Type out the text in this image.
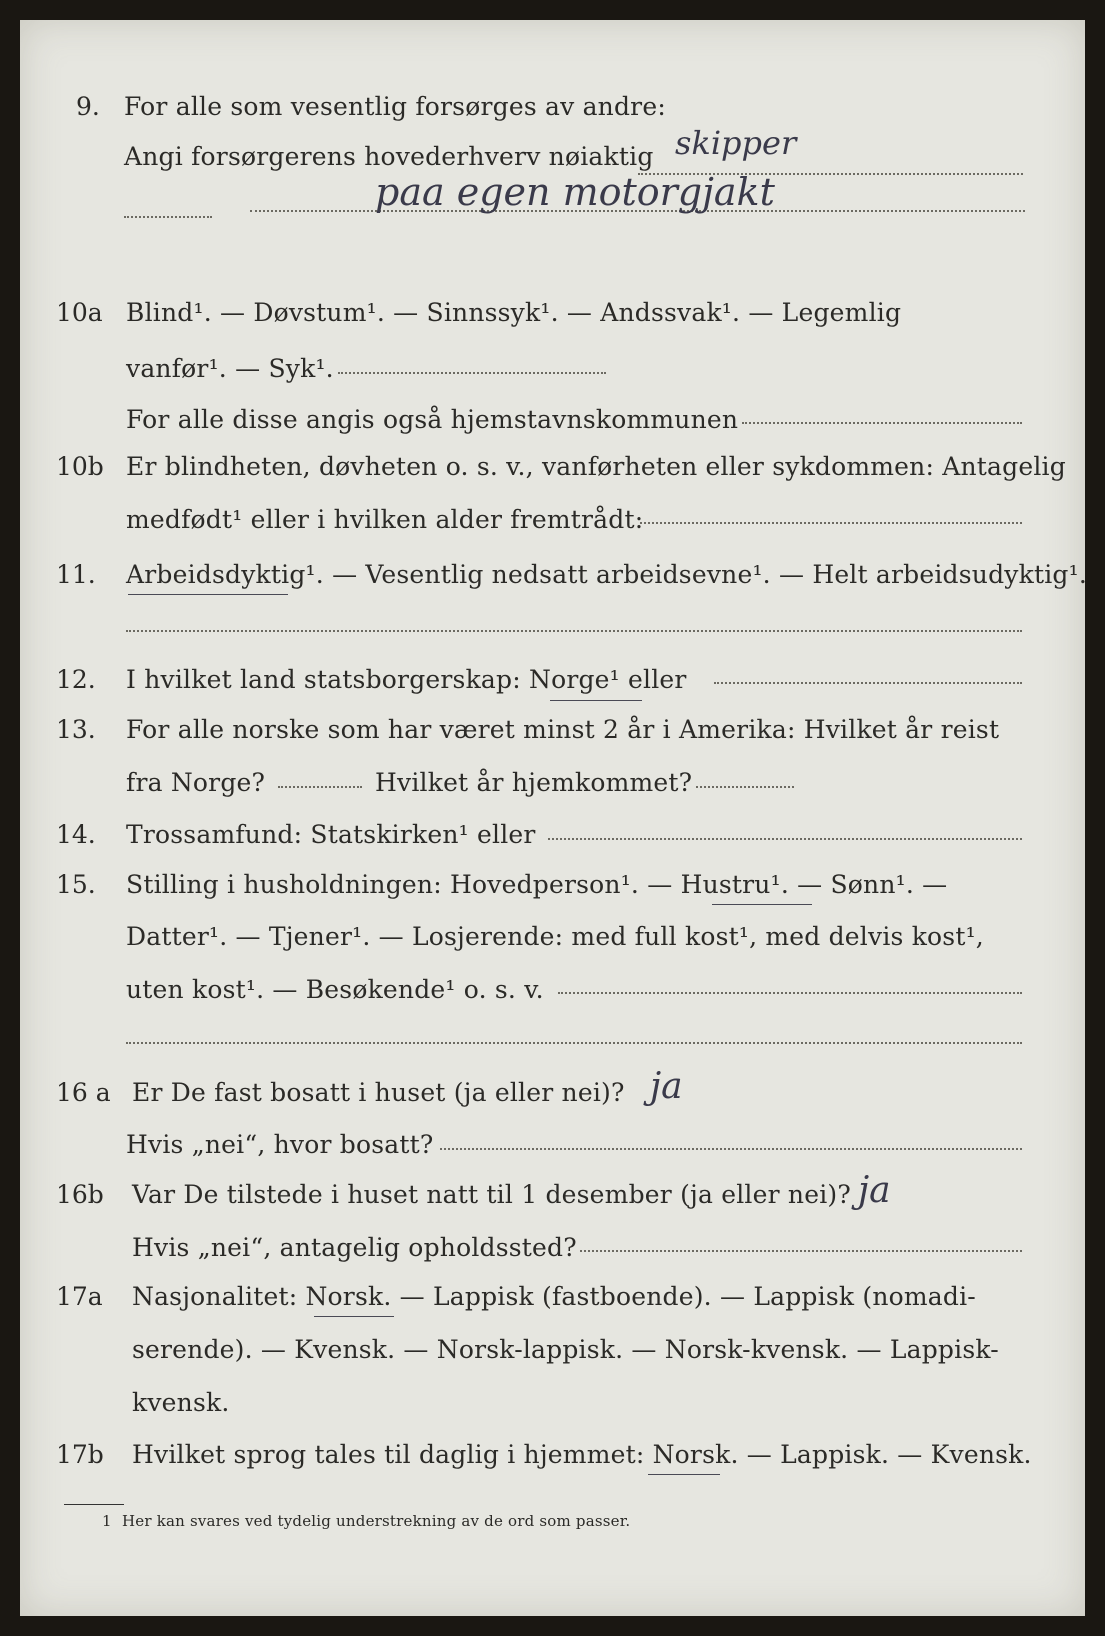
9. For alle som vesentlig forsørges av andre:
Angi forsørgerens hovederhverv nøiaktig skipper
paa egen motorgjakt
10a Blind¹. — Døvstum¹. — Sinnssyk¹. — Andssvak¹. — Legemlig
vanfør¹. — Syk¹.
For alle disse angis også hjemstavnskommunen
10b Er blindheten, døvheten o. s. v., vanførheten eller sykdommen: Antagelig
medfødt¹ eller i hvilken alder fremtrådt:
11. Arbeidsdyktig¹. — Vesentlig nedsatt arbeidsevne¹. — Helt arbeidsudyktig¹.
12. I hvilket land statsborgerskap: Norge¹ eller
13. For alle norske som har været minst 2 år i Amerika: Hvilket år reist
fra Norge?	Hvilket år hjemkommet?
14. Trossamfund: Statskirken¹ eller
15. Stilling i husholdningen: Hovedperson¹. — Hustru¹. — Sønn¹. —
Datter¹. — Tjener¹. — Losjerende: med full kost¹, med delvis kost¹,
uten kost¹. — Besøkende¹ o. s. v.
16 a Er De fast bosatt i huset (ja eller nei)? ja
Hvis „nei“, hvor bosatt?
16b Var De tilstede i huset natt til 1 desember (ja eller nei)? ja
Hvis „nei“, antagelig opholdssted?
17a Nasjonalitet: Norsk. — Lappisk (fastboende). — Lappisk (nomadi-
serende). — Kvensk. — Norsk-lappisk. — Norsk-kvensk. — Lappisk-
kvensk.
17b Hvilket sprog tales til daglig i hjemmet: Norsk. — Lappisk. — Kvensk.
1 Her kan svares ved tydelig understrekning av de ord som passer.
